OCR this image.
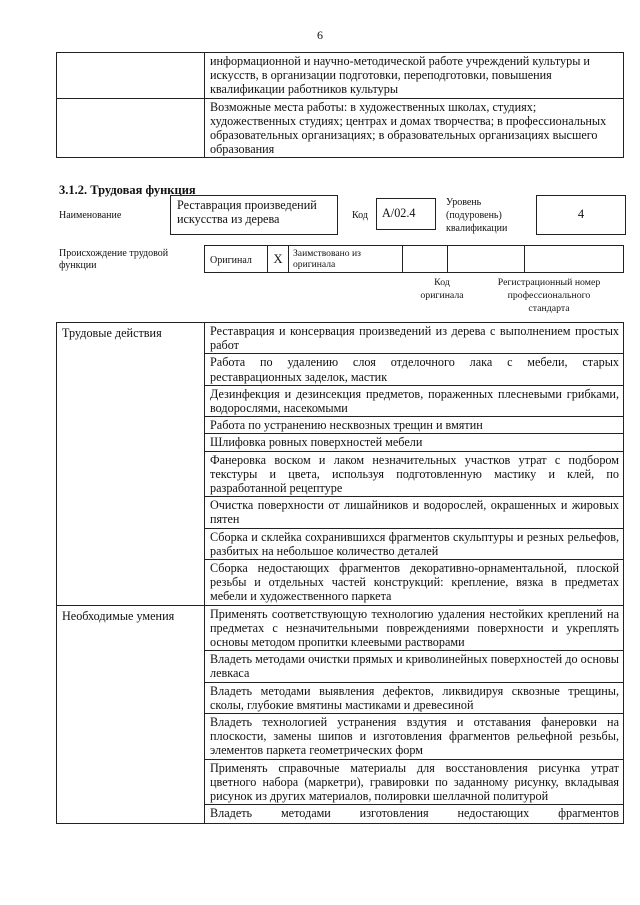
6

	информационной и научно-методической работе учреждений культуры и искусств, в организации подготовки, переподготовки, повышения квалификации работников культуры

	Возможные места работы: в художественных школах, студиях; художественных студиях; центрах и домах творчества; в профессиональных образовательных организациях; в образовательных организациях высшего образования
3.1.2. Трудовая функция
Наименование
Реставрация произведений искусства из дерева	Код	А/02.4
Уровень (подуровень) квалификации
4
Происхождение трудовой функции	Оригинал	X	Заимствовано из оригинала

Код оригинала
Регистрационный номер профессионального стандарта
Трудовые действия	Реставрация и консервация произведений из дерева с выполнением простых работ

	Работа по удалению слоя отделочного лака с мебели, старых реставрационных заделок, мастик

	Дезинфекция и дезинсекция предметов, пораженных плесневыми грибками, водорослями, насекомыми

	Работа по устранению несквозных трещин и вмятин

	Шлифовка ровных поверхностей мебели

	Фанеровка воском и лаком незначительных участков утрат с подбором текстуры и цвета, используя подготовленную мастику и клей, по разработанной рецептуре

	Очистка поверхности от лишайников и водорослей, окрашенных и жировых пятен

	Сборка и склейка сохранившихся фрагментов скульптуры и резных рельефов, разбитых на небольшое количество деталей

	Сборка недостающих фрагментов декоративно-орнаментальной, плоской резьбы и отдельных частей конструкций: крепление, вязка в предметах мебели и художественного паркета

Необходимые умения	Применять соответствующую технологию удаления нестойких креплений на предметах с незначительными повреждениями поверхности и укреплять основы методом пропитки клеевыми растворами

	Владеть методами очистки прямых и криволинейных поверхностей до основы левкаса

	Владеть методами выявления дефектов, ликвидируя сквозные трещины, сколы, глубокие вмятины мастиками и древесиной

	Владеть технологией устранения вздутия и отставания фанеровки на плоскости, замены шипов и изготовления фрагментов рельефной резьбы, элементов паркета геометрических форм

	Применять справочные материалы для восстановления рисунка утрат цветного набора (маркетри), гравировки по заданному рисунку, вкладывая рисунок из других материалов, полировки шеллачной политурой

	Владеть методами изготовления недостающих фрагментов
